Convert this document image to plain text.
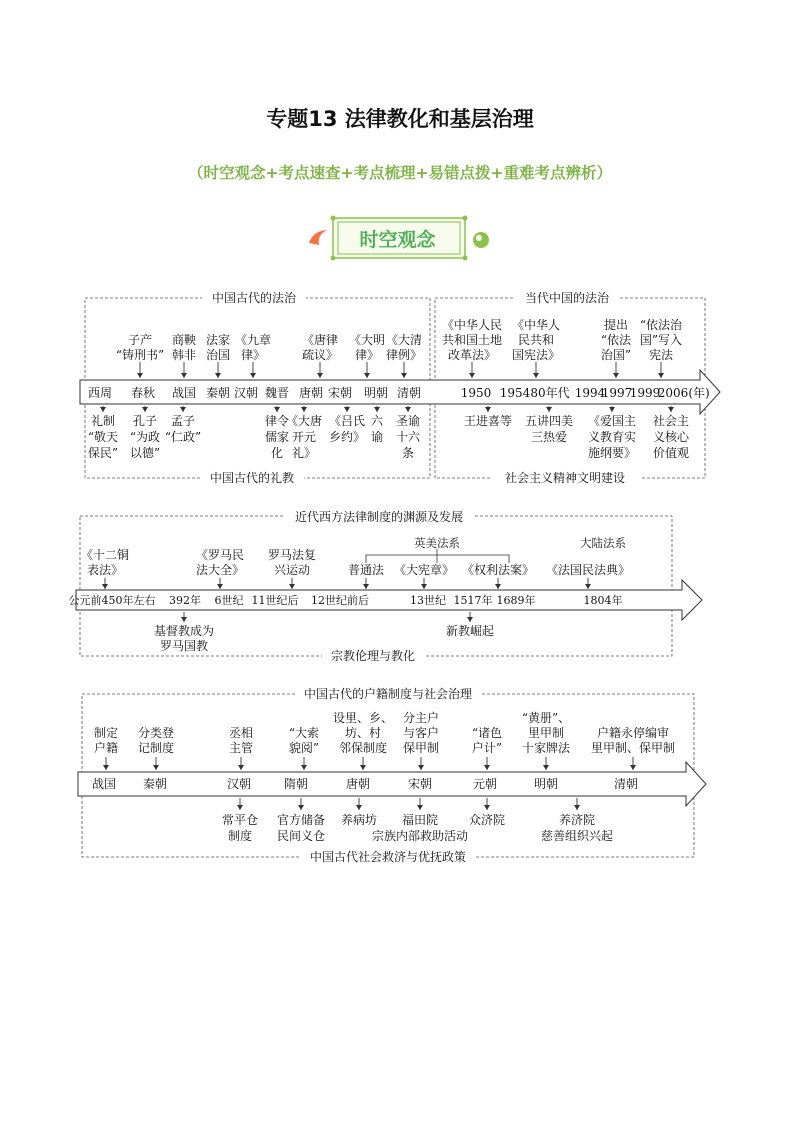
专题13 法律教化和基层治理
（时空观念+考点速查+考点梳理+易错点拨+重难考点辨析）
时空观念
中国古代的法治
中国古代的礼教
当代中国的法治
社会主义精神文明建设
西周 春秋 战国 秦朝 汉朝 魏晋 唐朝 宋朝 明朝 清朝	1950 1954 80年代 1994
1997
1999
2006 (年)
子产
“铸刑书”
商鞅
韩非
法家
治国
《九章
律》
《唐律
疏议》
《大明
律》
《大清
律例》
《中华人民
共和国土地
改革法》
《中华人
民共和
国宪法》
提出
“依法
治国”
“依法治
国”写入
宪法
礼制
“敬天
保民”
孔子
“为政
以德”
孟子
“仁政”
律令
儒家
化
《大唐
开元
礼》
《吕氏
乡约》
六
谕
圣谕
十六
条
王进喜等 五讲四美
三热爱
《爱国主
义教育实
施纲要》
社会主
义核心
价值观
近代西方法律制度的渊源及发展
宗教伦理与教化
英美法系	大陆法系
公元前450年左右 392年 6世纪 11世纪后 12世纪前后	13世纪 1517年 1689年	1804年
《十二铜
表法》
《罗马民
法大全》
罗马法复
兴运动	普通法 《大宪章》 《权利法案》 《法国民法典》
基督教成为
罗马国教
新教崛起
中国古代的户籍制度与社会治理
中国古代社会救济与优抚政策
战国 秦朝	汉朝	隋朝	唐朝	宋朝	元朝	明朝	清朝
制定
户籍
分类登
记制度
丞相
主管
“大索
貌阅”
设里、乡、
坊、村
邻保制度
分主户
与客户
保甲制
“诸色
户计”
“黄册”、
里甲制
十家牌法
户籍永停编审
里甲制、保甲制
常平仓
制度
官方储备
民间义仓
养病坊 福田院
宗族内部救助活动
众济院	养济院
慈善组织兴起
